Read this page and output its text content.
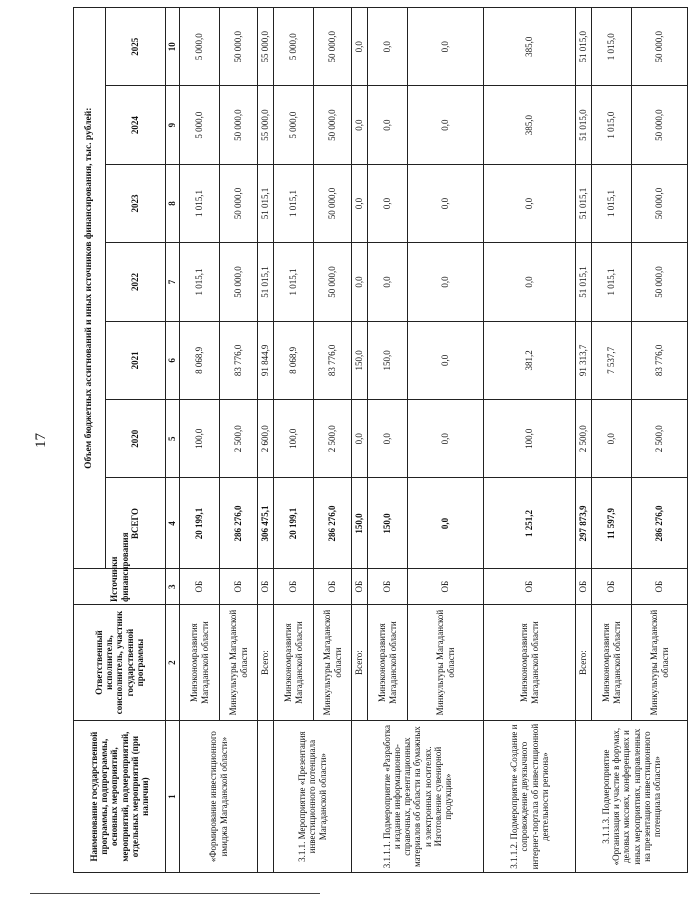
17
Наименование государственной программы, подпрограммы, основных мероприятий, мероприятий, подмероприятий, отдельных мероприятий (при наличии)	Ответственный исполнитель, соисполнитель, участник государственной программы	Источники финансирования	Объем бюджетных ассигнований и иных источников финансирования, тыс. рублей:						
			ВСЕГО	2020	2021	2022	2023	2024	2025
1	2	3	4	5	6	7	8	9	10
«Формирование инвестиционного имиджа Магаданской области»	Минэкономразвития Магаданской области	ОБ	20 199,1	100,0	8 068,9	1 015,1	1 015,1	5 000,0	5 000,0
	Минкультуры Магаданской области	ОБ	286 276,0	2 500,0	83 776,0	50 000,0	50 000,0	50 000,0	50 000,0
	Всего:	ОБ	306 475,1	2 600,0	91 844,9	51 015,1	51 015,1	55 000,0	55 000,0
3.1.1. Мероприятие «Презентация инвестиционного потенциала Магаданской области»	Минэкономразвития Магаданской области	ОБ	20 199,1	100,0	8 068,9	1 015,1	1 015,1	5 000,0	5 000,0
	Минкультуры Магаданской области	ОБ	286 276,0	2 500,0	83 776,0	50 000,0	50 000,0	50 000,0	50 000,0
3.1.1.1. Подмероприятие «Разработка и издание информационно-справочных, презентационных материалов об области на бумажных и электронных носителях. Изготовление сувенирной продукции»	Всего:	ОБ	150,0	0,0	150,0	0,0	0,0	0,0	0,0
	Минэкономразвития Магаданской области	ОБ	150,0	0,0	150,0	0,0	0,0	0,0	0,0
	Минкультуры Магаданской области	ОБ	0,0	0,0	0,0	0,0	0,0	0,0	0,0
3.1.1.2. Подмероприятие «Создание и сопровождение двуязычного интернет-портала об инвестиционной деятельности региона»	Минэкономразвития Магаданской области	ОБ	1 251,2	100,0	381,2	0,0	0,0	385,0	385,0
3.1.1.3. Подмероприятие «Организация и участие в форумах, деловых миссиях, конференциях и иных мероприятиях, направленных на презентацию инвестиционного потенциала области»	Всего:	ОБ	297 873,9	2 500,0	91 313,7	51 015,1	51 015,1	51 015,0	51 015,0
	Минэкономразвития Магаданской области	ОБ	11 597,9	0,0	7 537,7	1 015,1	1 015,1	1 015,0	1 015,0
	Минкультуры Магаданской области	ОБ	286 276,0	2 500,0	83 776,0	50 000,0	50 000,0	50 000,0	50 000,0
